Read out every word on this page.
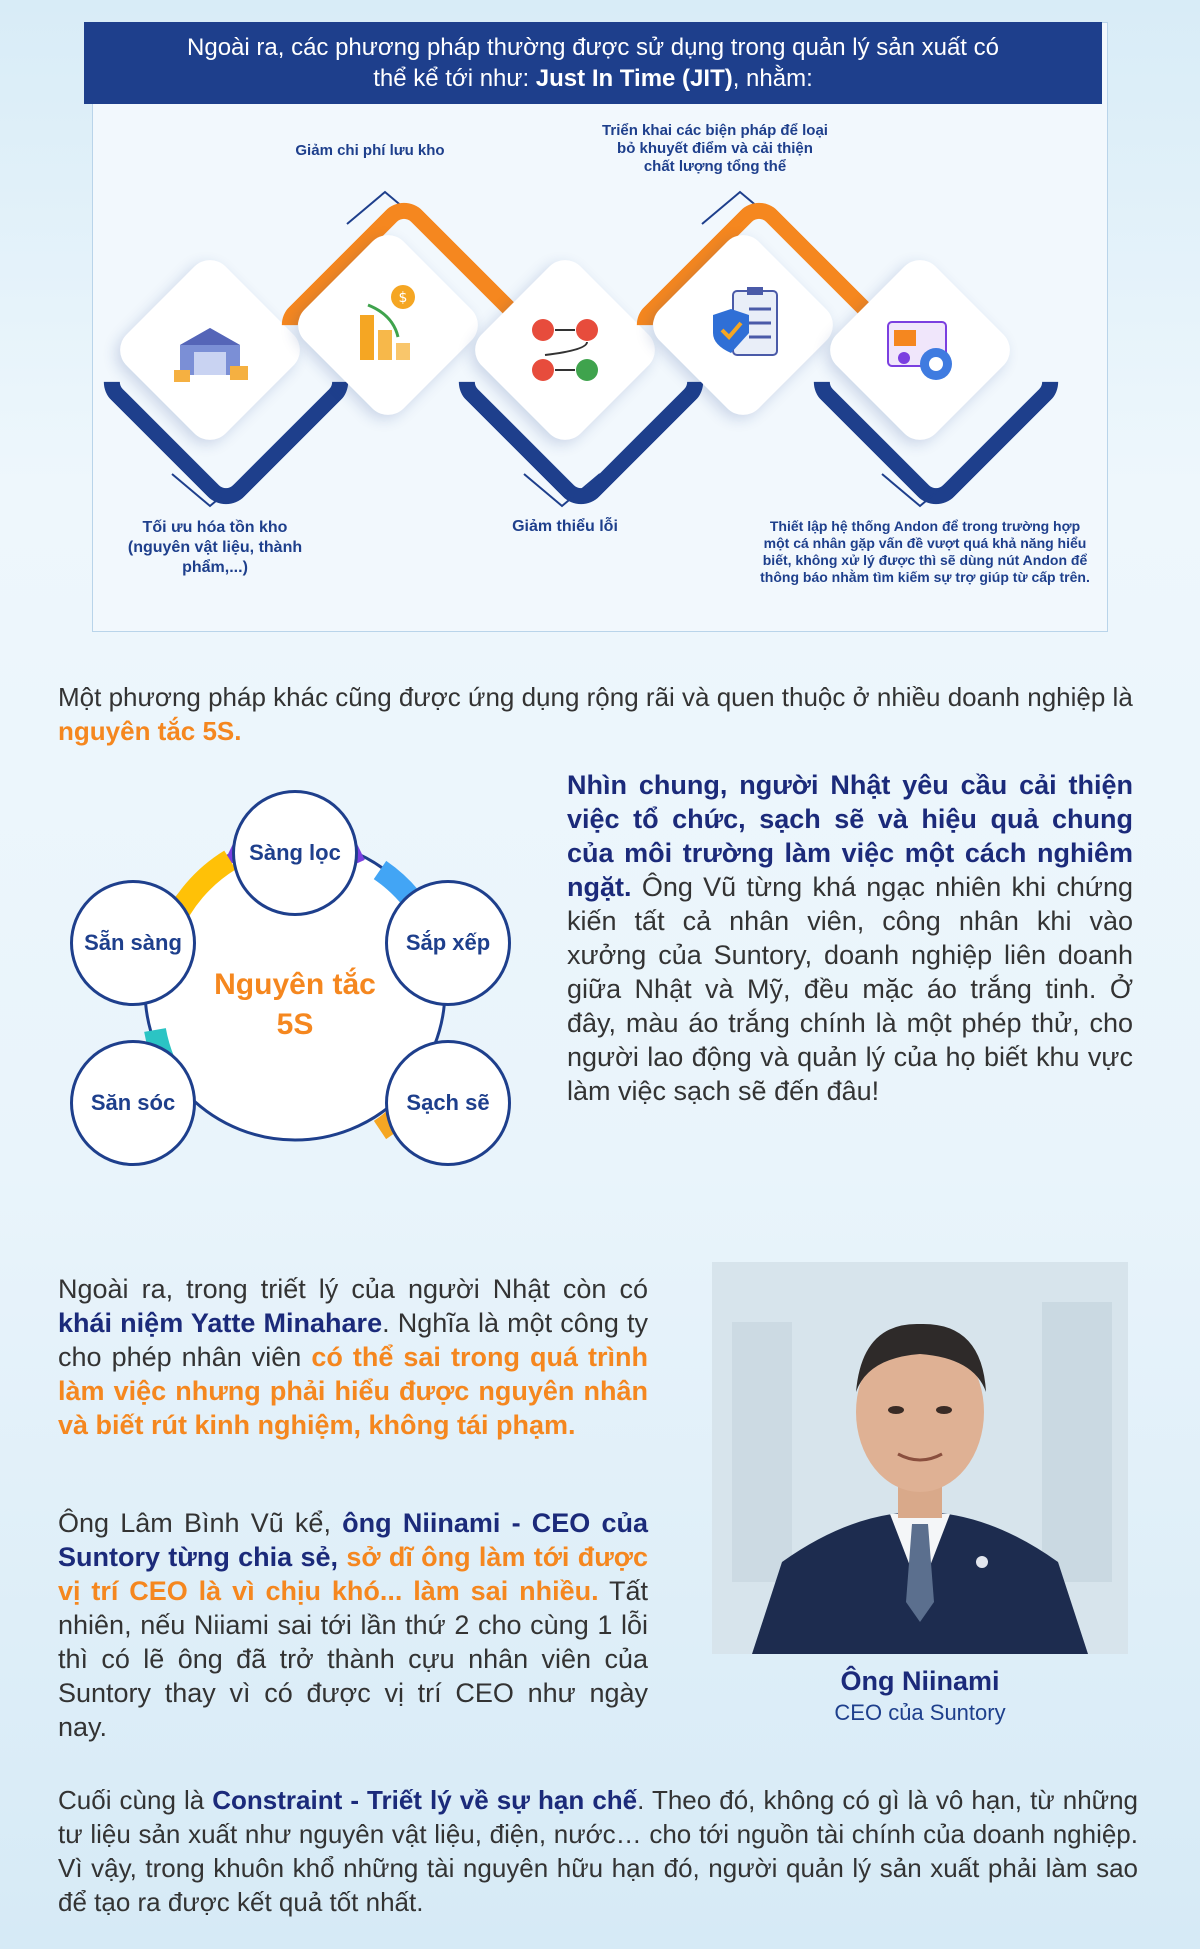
Ngoài ra, các phương pháp thường được sử dụng trong quản lý sản xuất có
thể kể tới như: Just In Time (JIT), nhằm:
Giảm chi phí lưu kho
Triển khai các biện pháp để loại bỏ khuyết điểm và cải thiện chất lượng tổng thể
$
Tối ưu hóa tồn kho (nguyên vật liệu, thành phẩm,...)
Giảm thiểu lỗi	Thiết lập hệ thống Andon để trong trường hợp một cá nhân gặp vấn đề vượt quá khả năng hiểu biết, không xử lý được thì sẽ dùng nút Andon để thông báo nhằm tìm kiếm sự trợ giúp từ cấp trên.
Một phương pháp khác cũng được ứng dụng rộng rãi và quen thuộc ở nhiều doanh nghiệp là nguyên tắc 5S.
Sàng lọc
Sắp xếp
Sạch sẽ
Săn sóc
Sẵn sàng
Nguyên tắc
5S
Nhìn chung, người Nhật yêu cầu cải thiện việc tổ chức, sạch sẽ và hiệu quả chung của môi trường làm việc một cách nghiêm ngặt. Ông Vũ từng khá ngạc nhiên khi chứng kiến tất cả nhân viên, công nhân khi vào xưởng của Suntory, doanh nghiệp liên doanh giữa Nhật và Mỹ, đều mặc áo trắng tinh. Ở đây, màu áo trắng chính là một phép thử, cho người lao động và quản lý của họ biết khu vực làm việc sạch sẽ đến đâu!
Ngoài ra, trong triết lý của người Nhật còn có khái niệm Yatte Minahare. Nghĩa là một công ty cho phép nhân viên có thể sai trong quá trình làm việc nhưng phải hiểu được nguyên nhân và biết rút kinh nghiệm, không tái phạm.
Ông Lâm Bình Vũ kể, ông Niinami - CEO của Suntory từng chia sẻ, sở dĩ ông làm tới được vị trí CEO là vì chịu khó... làm sai nhiều. Tất nhiên, nếu Niiami sai tới lần thứ 2 cho cùng 1 lỗi thì có lẽ ông đã trở thành cựu nhân viên của Suntory thay vì có được vị trí CEO như ngày nay.
Ông Niinami
CEO của Suntory
Cuối cùng là Constraint - Triết lý về sự hạn chế. Theo đó, không có gì là vô hạn, từ những tư liệu sản xuất như nguyên vật liệu, điện, nước… cho tới nguồn tài chính của doanh nghiệp. Vì vậy, trong khuôn khổ những tài nguyên hữu hạn đó, người quản lý sản xuất phải làm sao để tạo ra được kết quả tốt nhất.
